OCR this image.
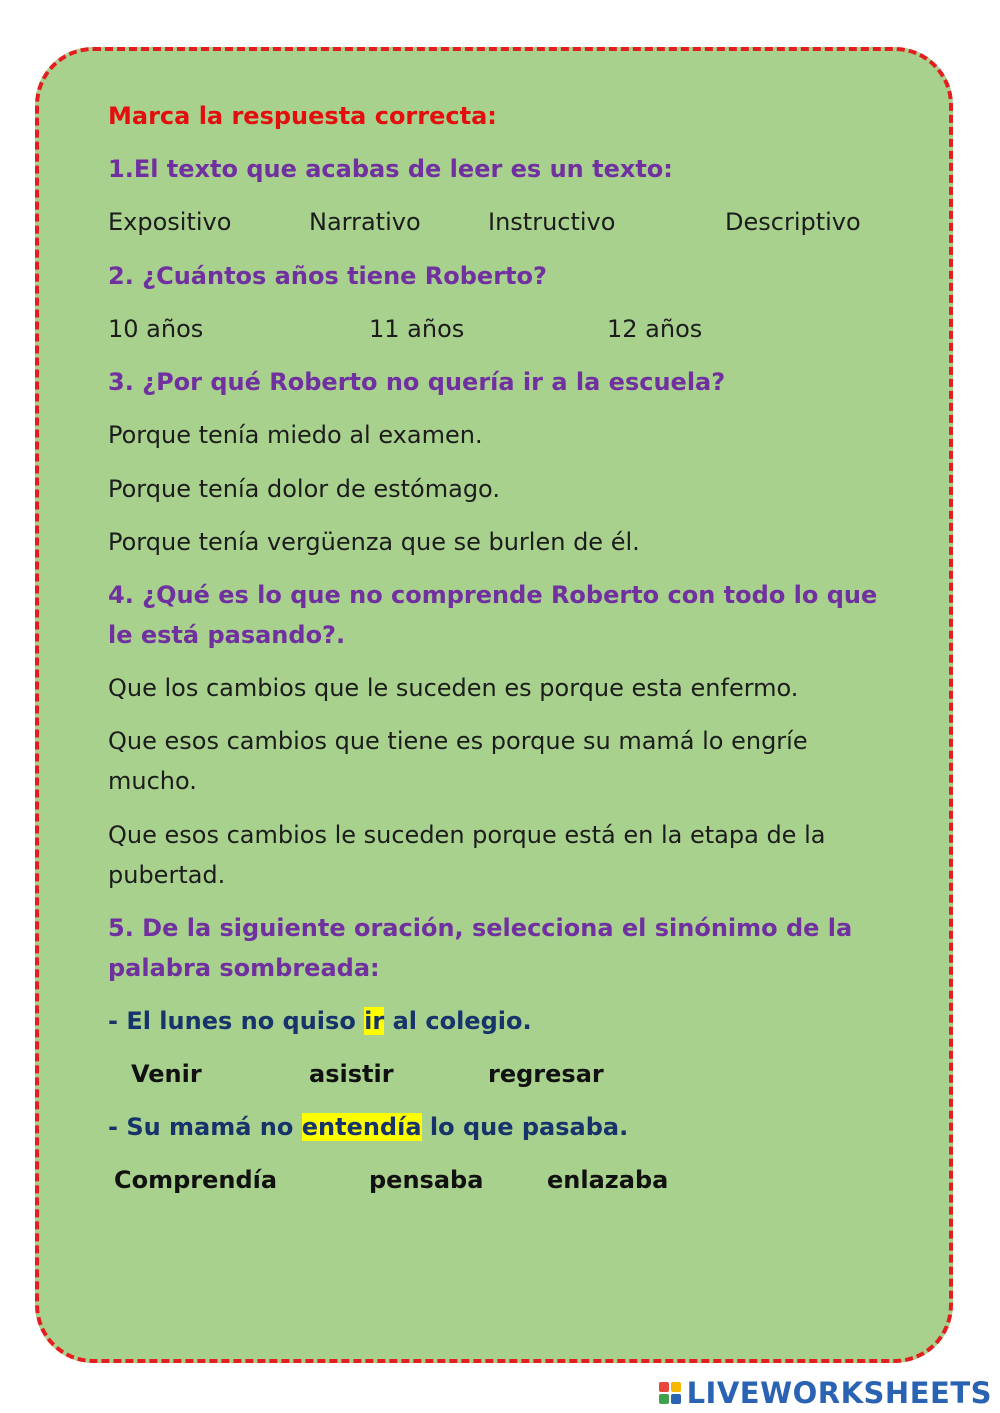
Marca la respuesta correcta:
1.El texto que acabas de leer es un texto:
Expositivo	Narrativo	Instructivo	Descriptivo
2. ¿Cuántos años tiene Roberto?
10 años	11 años	12 años
3. ¿Por qué Roberto no quería ir a la escuela?
Porque tenía miedo al examen.
Porque tenía dolor de estómago.
Porque tenía vergüenza que se burlen de él.
4. ¿Qué es lo que no comprende Roberto con todo lo que le está pasando?.
Que los cambios que le suceden es porque esta enfermo.
Que esos cambios que tiene es porque su mamá lo engríe mucho.
Que esos cambios le suceden porque está en la etapa de la pubertad.
5. De la siguiente oración, selecciona el sinónimo de la palabra sombreada:
- El lunes no quiso ir al colegio.
Venir	asistir	regresar
- Su mamá no entendía lo que pasaba.
Comprendía	pensaba	enlazaba
LIVEWORKSHEETS
